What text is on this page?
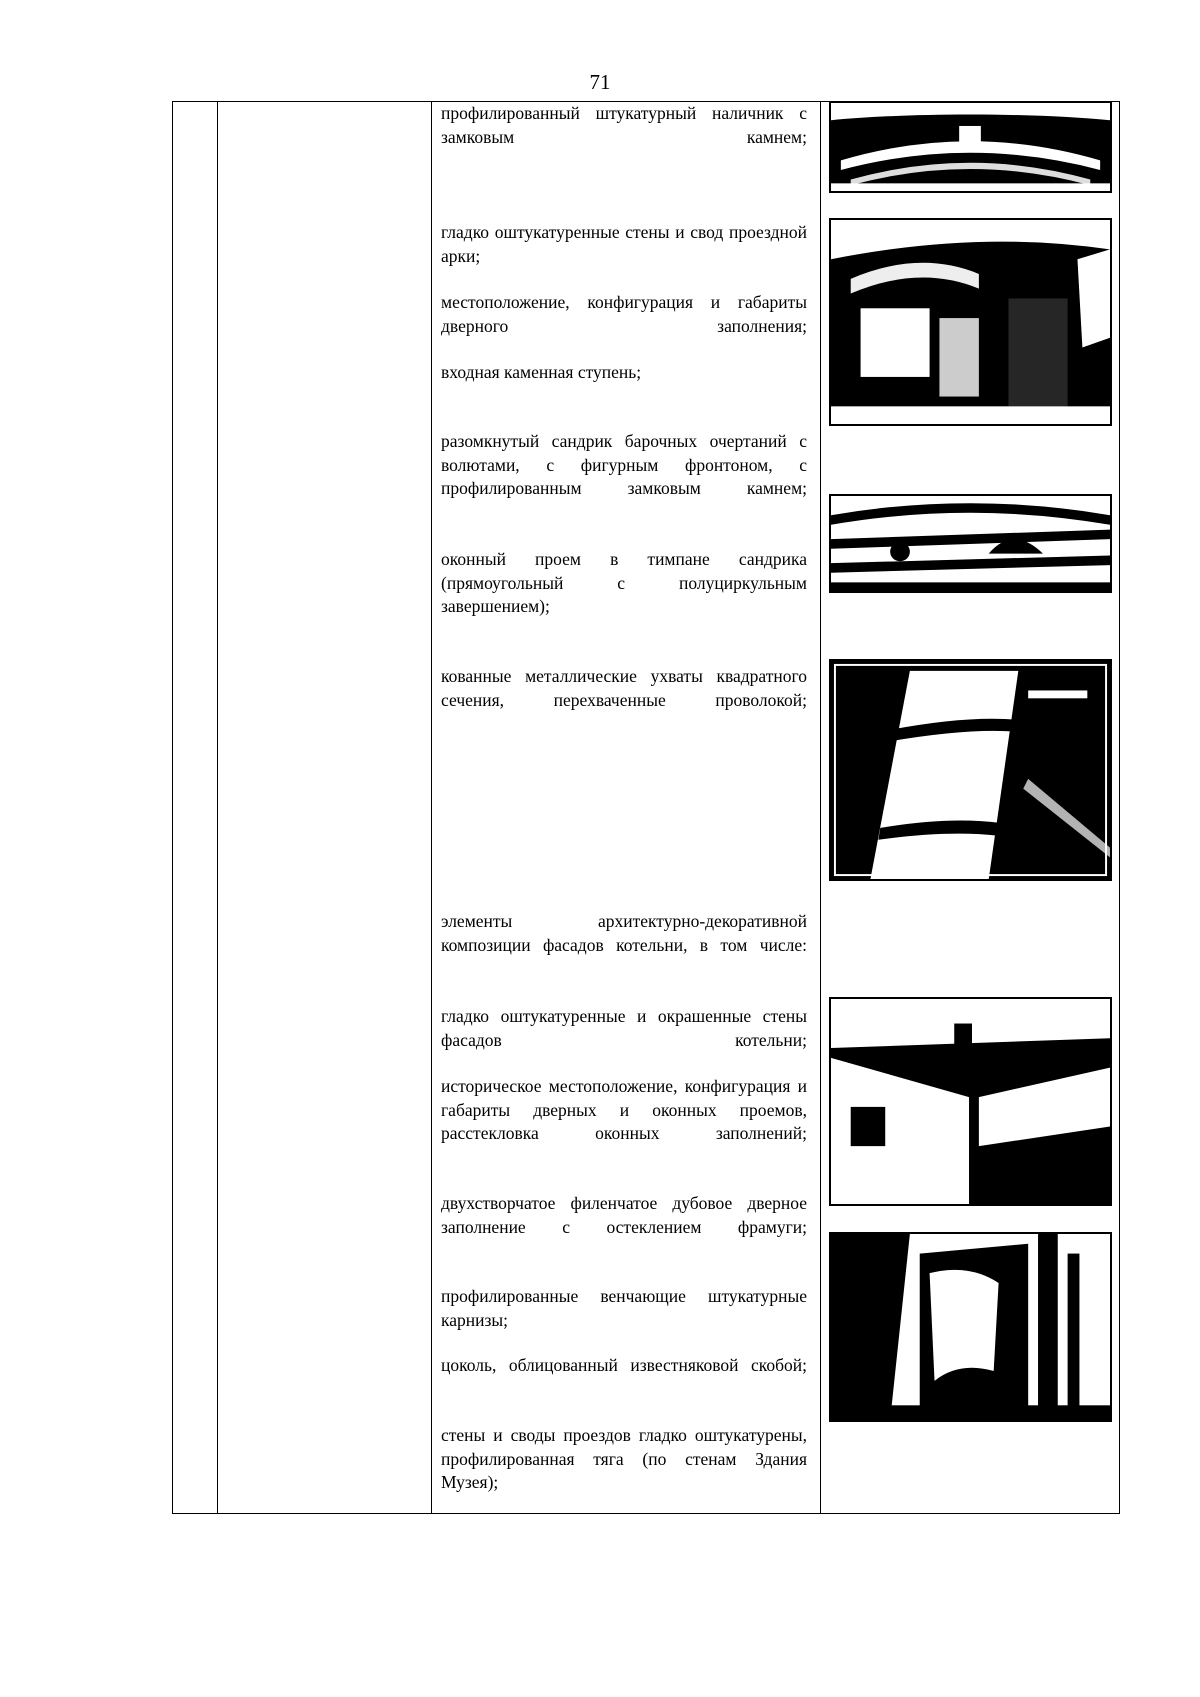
71

профилированный штукатурный наличник с замковым камнем;

гладко оштукатуренные стены и свод проездной арки;

местоположение, конфигурация и габариты дверного заполнения;

входная каменная ступень;

разомкнутый сандрик барочных очертаний с волютами, с фигурным фронтоном, с профилированным замковым камнем;

оконный проем в тимпане сандрика (прямоугольный с полуциркульным завершением);

кованные металлические ухваты квадратного сечения, перехваченные проволокой;

элементы архитектурно-декоративной композиции фасадов котельни, в том числе:

гладко оштукатуренные и окрашенные стены фасадов котельни;

историческое местоположение, конфигурация и габариты дверных и оконных проемов, расстекловка оконных заполнений;

двухстворчатое филенчатое дубовое дверное заполнение с остеклением фрамуги;

профилированные венчающие штукатурные карнизы;

цоколь, облицованный известняковой скобой;

стены и своды проездов гладко оштукатурены, профилированная тяга (по стенам Здания Музея);
